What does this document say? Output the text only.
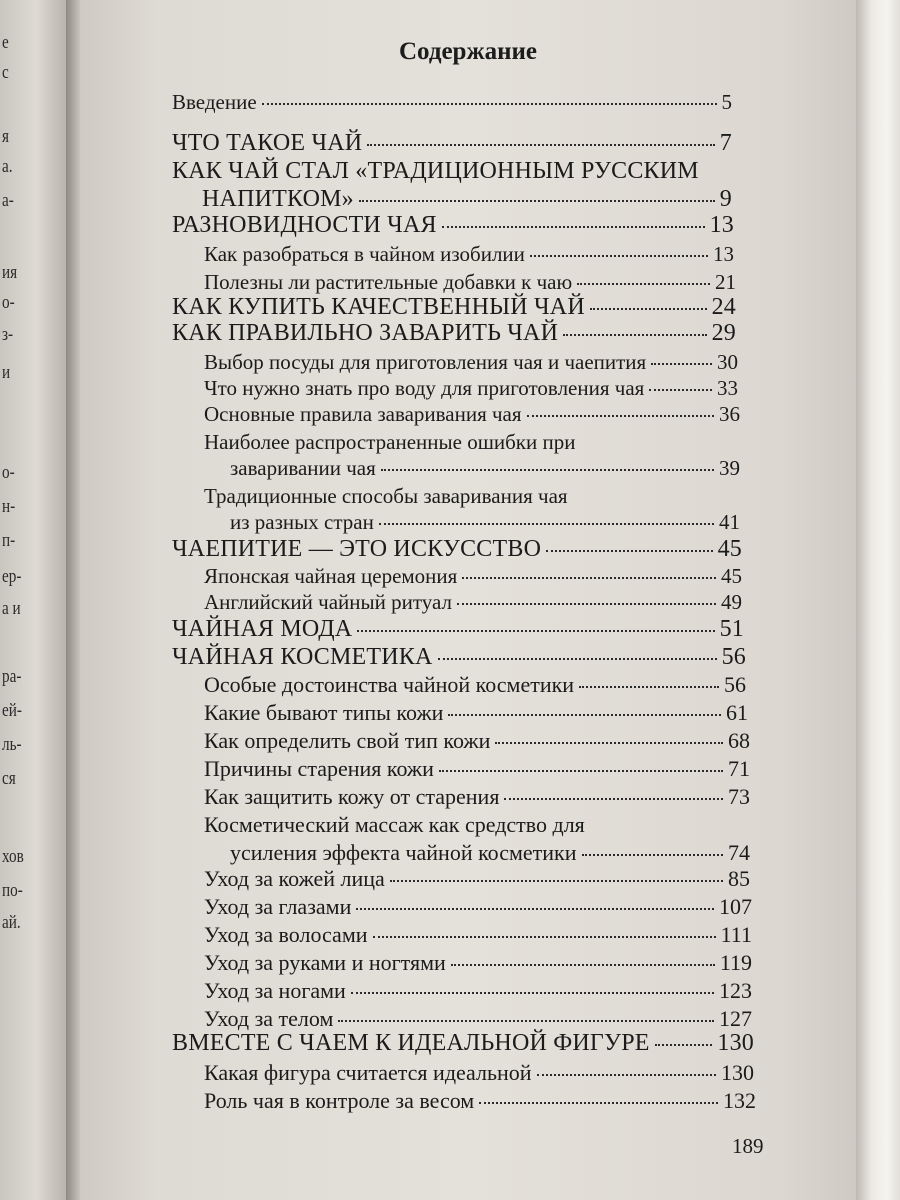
е
с
я
а.
а-
ия
о-
з-
и
о-
н-
п-
ер-
а и
ра-
ей-
ль-
ся
хов
по-
ай.
Содержание
Введение	5
ЧТО ТАКОЕ ЧАЙ	7
КАК ЧАЙ СТАЛ «ТРАДИЦИОННЫМ РУССКИМ
НАПИТКОМ»	9
РАЗНОВИДНОСТИ ЧАЯ	13
Как разобраться в чайном изобилии	13
Полезны ли растительные добавки к чаю	21
КАК КУПИТЬ КАЧЕСТВЕННЫЙ ЧАЙ	24
КАК ПРАВИЛЬНО ЗАВАРИТЬ ЧАЙ	29
Выбор посуды для приготовления чая и чаепития	30
Что нужно знать про воду для приготовления чая	33
Основные правила заваривания чая	36
Наиболее распространенные ошибки при
заваривании чая	39
Традиционные способы заваривания чая
из разных стран	41
ЧАЕПИТИЕ — ЭТО ИСКУССТВО	45
Японская чайная церемония	45
Английский чайный ритуал	49
ЧАЙНАЯ МОДА	51
ЧАЙНАЯ КОСМЕТИКА	56
Особые достоинства чайной косметики	56
Какие бывают типы кожи	61
Как определить свой тип кожи	68
Причины старения кожи	71
Как защитить кожу от старения	73
Косметический массаж как средство для
усиления эффекта чайной косметики	74
Уход за кожей лица	85
Уход за глазами	107
Уход за волосами	111
Уход за руками и ногтями	119
Уход за ногами	123
Уход за телом	127
ВМЕСТЕ С ЧАЕМ К ИДЕАЛЬНОЙ ФИГУРЕ	130
Какая фигура считается идеальной	130
Роль чая в контроле за весом	132
189
